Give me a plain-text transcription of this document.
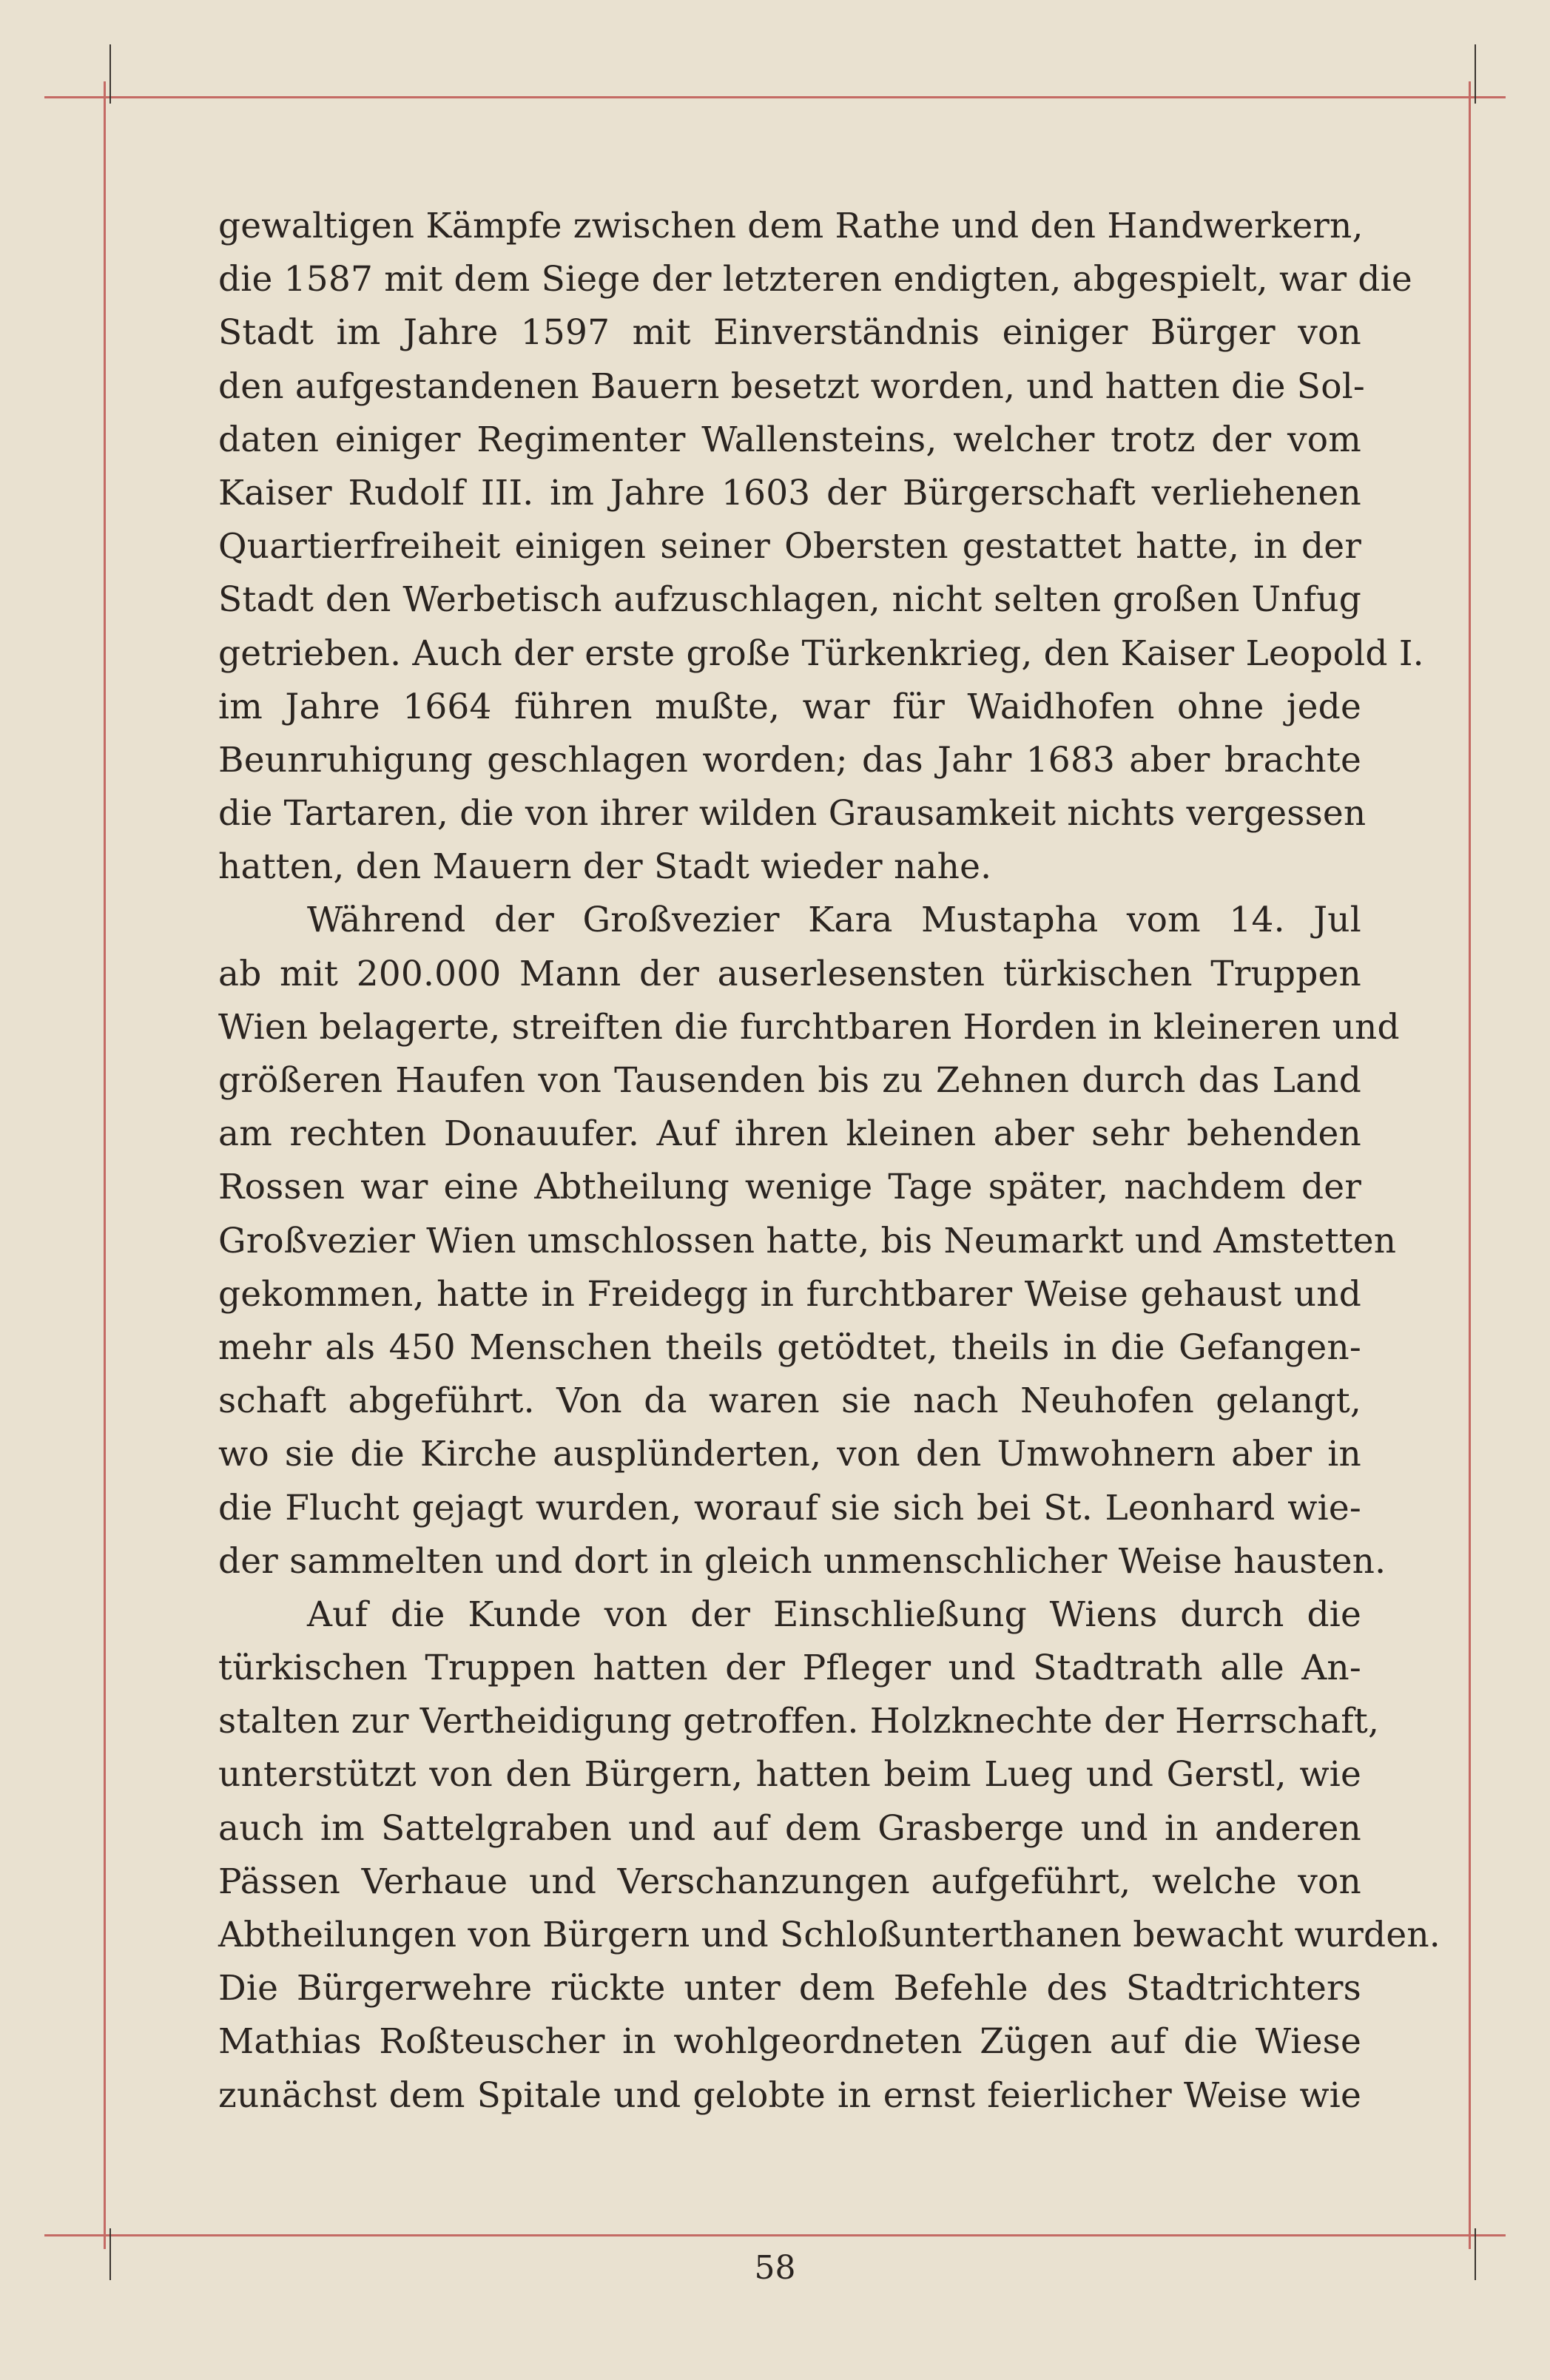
gewaltigen Kämpfe zwischen dem Rathe und den Handwerkern,
die 1587 mit dem Siege der letzteren endigten, abgespielt, war die
Stadt im Jahre 1597 mit Einverständnis einiger Bürger von
den aufgestandenen Bauern besetzt worden, und hatten die Sol-
daten einiger Regimenter Wallensteins, welcher trotz der vom
Kaiser Rudolf III. im Jahre 1603 der Bürgerschaft verliehenen
Quartierfreiheit einigen seiner Obersten gestattet hatte, in der
Stadt den Werbetisch aufzuschlagen, nicht selten großen Unfug
getrieben. Auch der erste große Türkenkrieg, den Kaiser Leopold I.
im Jahre 1664 führen mußte, war für Waidhofen ohne jede
Beunruhigung geschlagen worden; das Jahr 1683 aber brachte
die Tartaren, die von ihrer wilden Grausamkeit nichts vergessen
hatten, den Mauern der Stadt wieder nahe.
Während der Großvezier Kara Mustapha vom 14. Jul
ab mit 200.000 Mann der auserlesensten türkischen Truppen
Wien belagerte, streiften die furchtbaren Horden in kleineren und
größeren Haufen von Tausenden bis zu Zehnen durch das Land
am rechten Donauufer. Auf ihren kleinen aber sehr behenden
Rossen war eine Abtheilung wenige Tage später, nachdem der
Großvezier Wien umschlossen hatte, bis Neumarkt und Amstetten
gekommen, hatte in Freidegg in furchtbarer Weise gehaust und
mehr als 450 Menschen theils getödtet, theils in die Gefangen-
schaft abgeführt. Von da waren sie nach Neuhofen gelangt,
wo sie die Kirche ausplünderten, von den Umwohnern aber in
die Flucht gejagt wurden, worauf sie sich bei St. Leonhard wie-
der sammelten und dort in gleich unmenschlicher Weise hausten.
Auf die Kunde von der Einschließung Wiens durch die
türkischen Truppen hatten der Pfleger und Stadtrath alle An-
stalten zur Vertheidigung getroffen. Holzknechte der Herrschaft,
unterstützt von den Bürgern, hatten beim Lueg und Gerstl, wie
auch im Sattelgraben und auf dem Grasberge und in anderen
Pässen Verhaue und Verschanzungen aufgeführt, welche von
Abtheilungen von Bürgern und Schloßunterthanen bewacht wurden.
Die Bürgerwehre rückte unter dem Befehle des Stadtrichters
Mathias Roßteuscher in wohlgeordneten Zügen auf die Wiese
zunächst dem Spitale und gelobte in ernst feierlicher Weise wie
58
